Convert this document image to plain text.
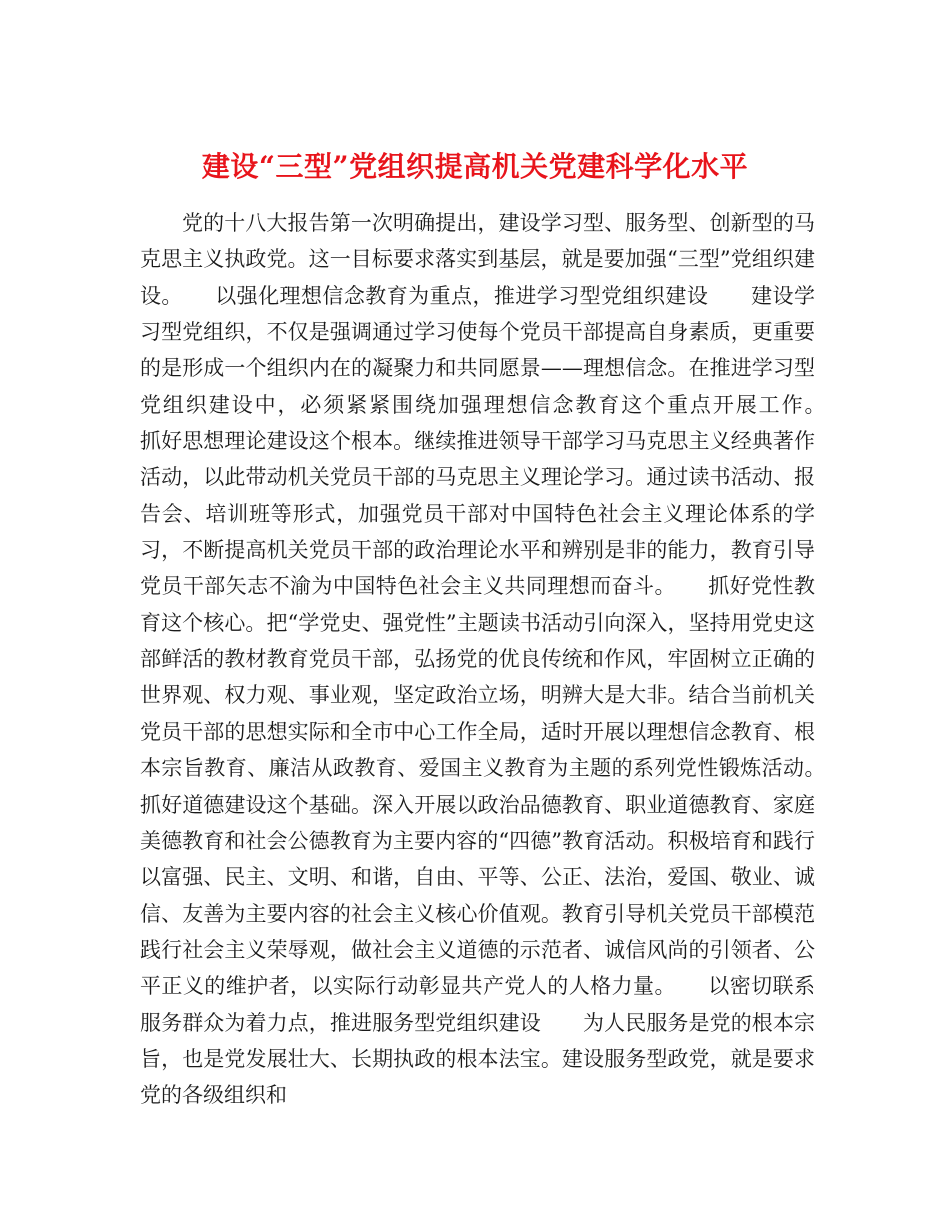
建设“三型”党组织提高机关党建科学化水平

党的十八大报告第一次明确提出，建设学习型、服务型、创新型的马克思主义执政党。这一目标要求落实到基层，就是要加强“三型”党组织建设。　　以强化理想信念教育为重点，推进学习型党组织建设　　建设学习型党组织，不仅是强调通过学习使每个党员干部提高自身素质，更重要的是形成一个组织内在的凝聚力和共同愿景——理想信念。在推进学习型党组织建设中，必须紧紧围绕加强理想信念教育这个重点开展工作。　　抓好思想理论建设这个根本。继续推进领导干部学习马克思主义经典著作活动，以此带动机关党员干部的马克思主义理论学习。通过读书活动、报告会、培训班等形式，加强党员干部对中国特色社会主义理论体系的学习，不断提高机关党员干部的政治理论水平和辨别是非的能力，教育引导党员干部矢志不渝为中国特色社会主义共同理想而奋斗。　　抓好党性教育这个核心。把“学党史、强党性”主题读书活动引向深入，坚持用党史这部鲜活的教材教育党员干部，弘扬党的优良传统和作风，牢固树立正确的世界观、权力观、事业观，坚定政治立场，明辨大是大非。结合当前机关党员干部的思想实际和全市中心工作全局，适时开展以理想信念教育、根本宗旨教育、廉洁从政教育、爱国主义教育为主题的系列党性锻炼活动。　　抓好道德建设这个基础。深入开展以政治品德教育、职业道德教育、家庭美德教育和社会公德教育为主要内容的“四德”教育活动。积极培育和践行以富强、民主、文明、和谐，自由、平等、公正、法治，爱国、敬业、诚信、友善为主要内容的社会主义核心价值观。教育引导机关党员干部模范践行社会主义荣辱观，做社会主义道德的示范者、诚信风尚的引领者、公平正义的维护者，以实际行动彰显共产党人的人格力量。　　以密切联系服务群众为着力点，推进服务型党组织建设　　为人民服务是党的根本宗旨，也是党发展壮大、长期执政的根本法宝。建设服务型政党，就是要求党的各级组织和
